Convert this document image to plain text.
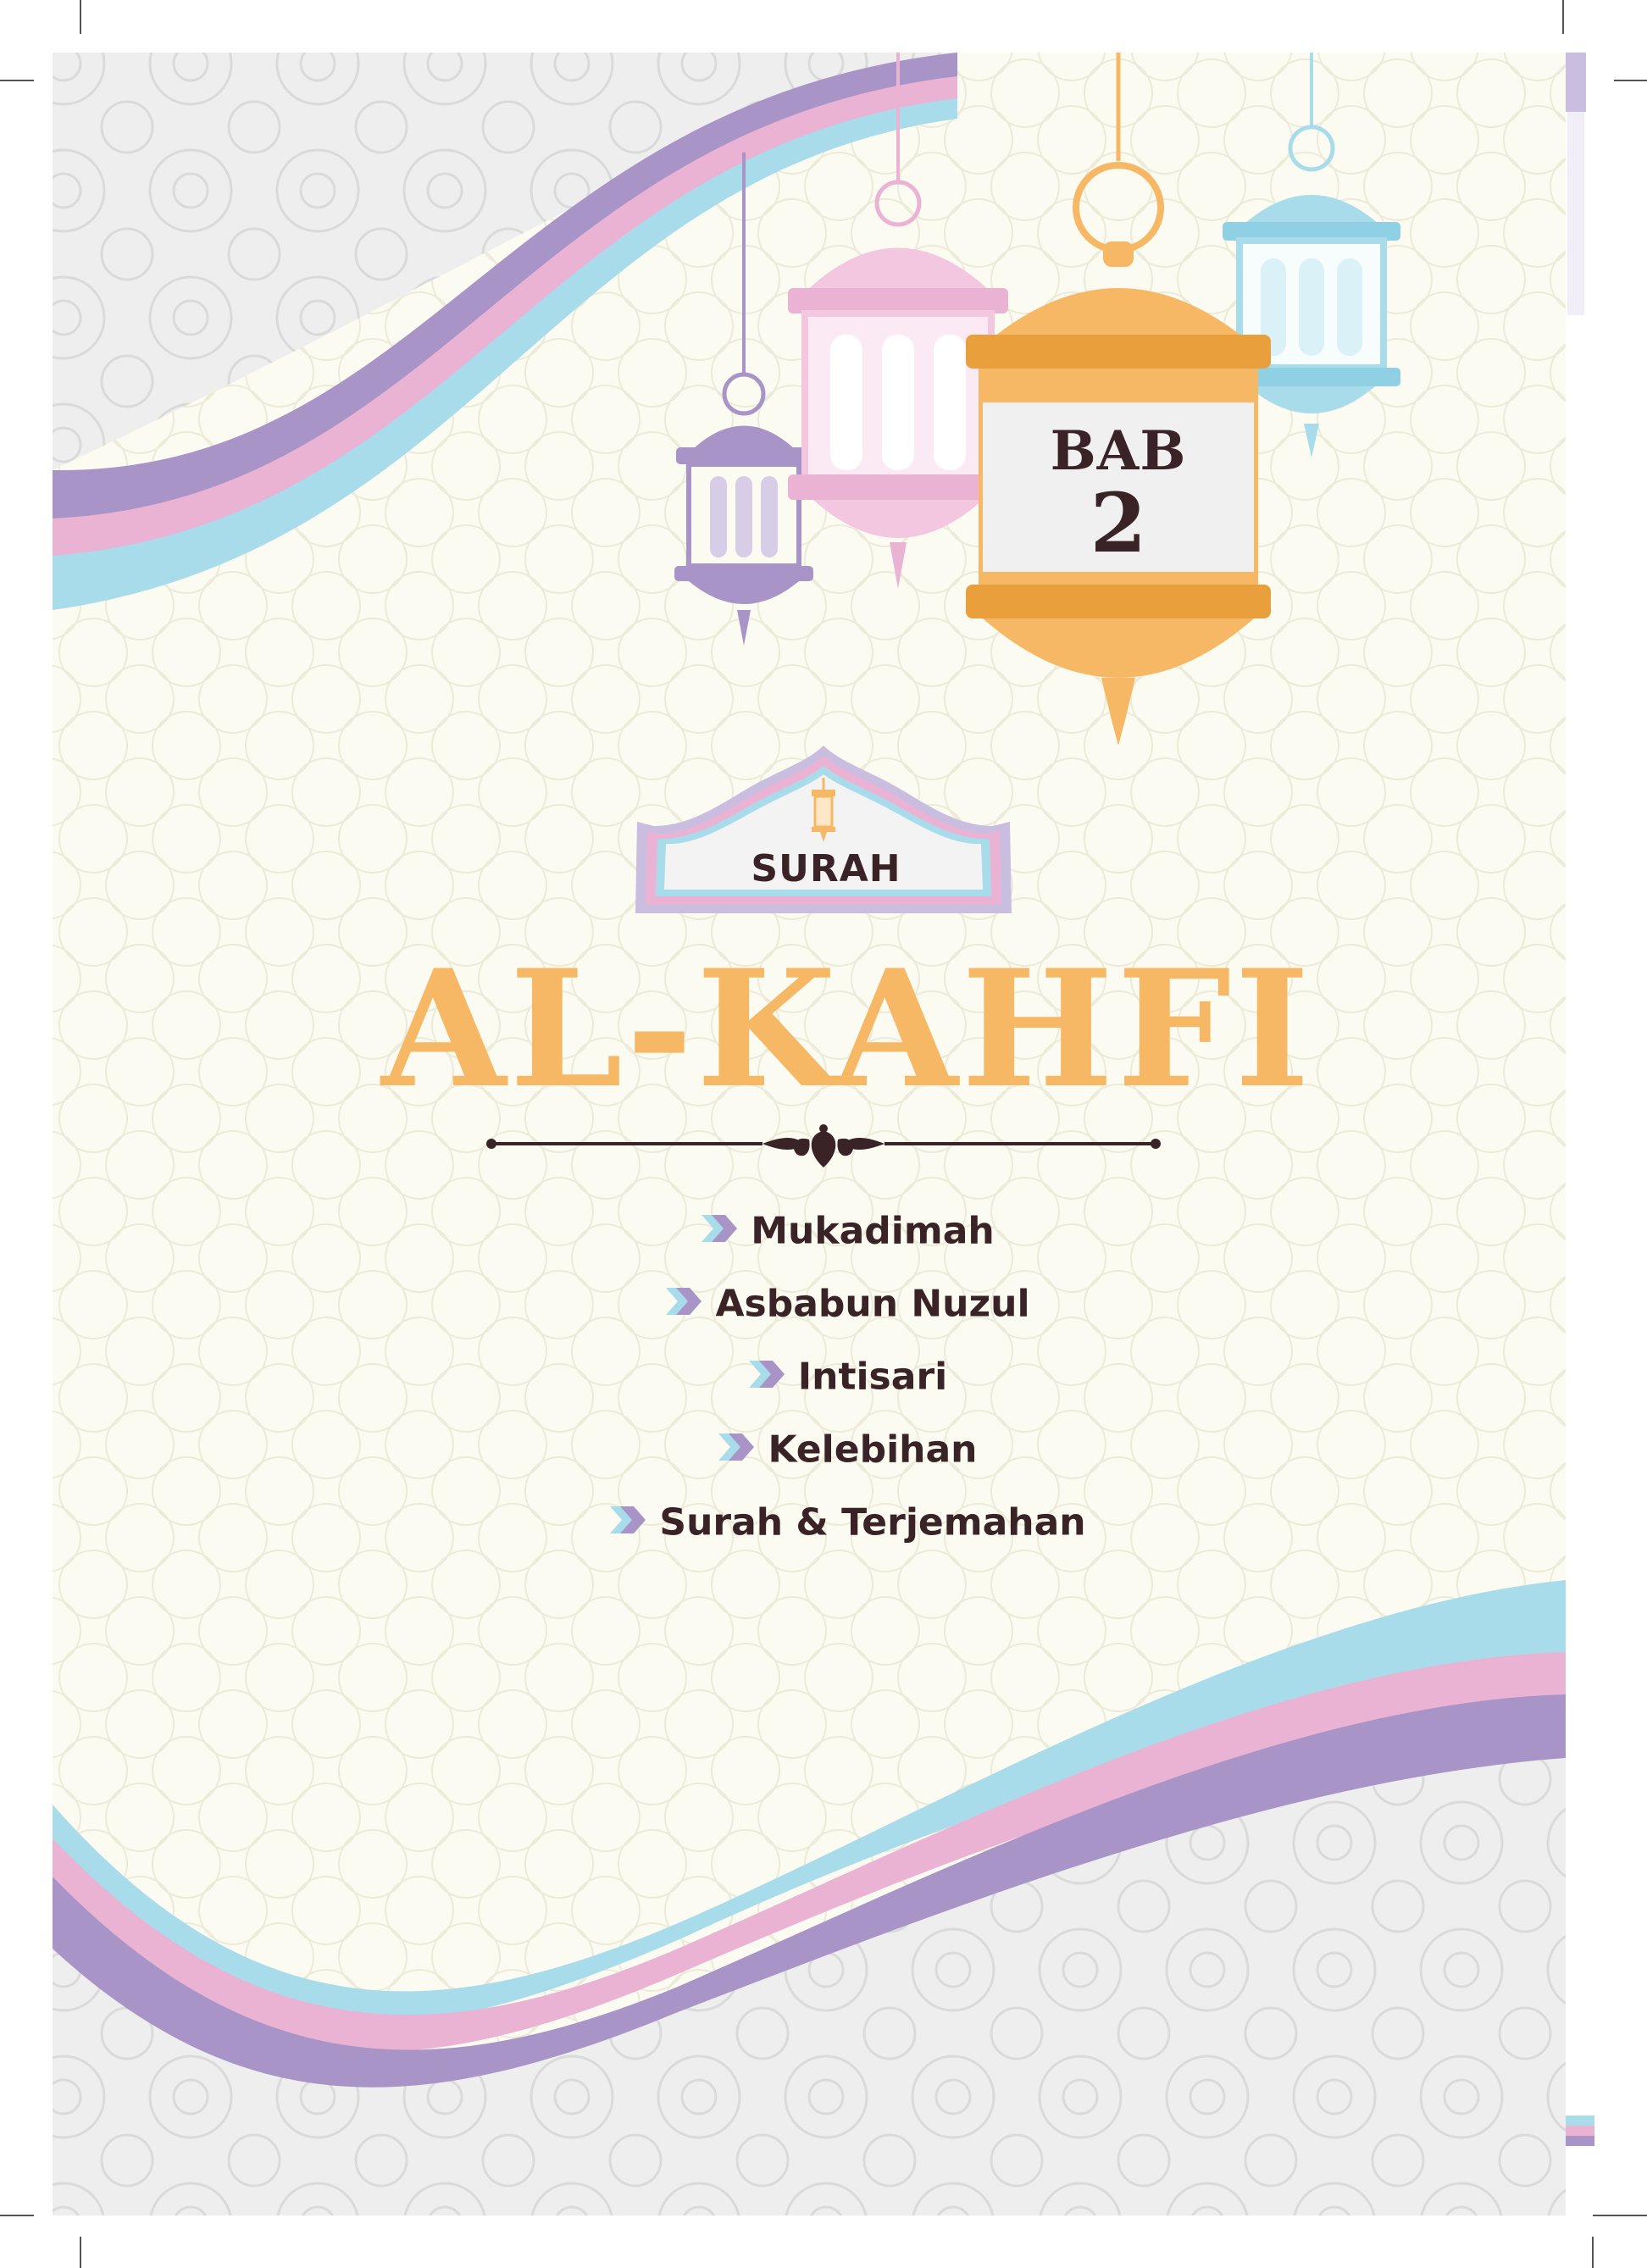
BAB
2
SURAH
AL-KAHFI
Mukadimah
Asbabun Nuzul
Intisari
Kelebihan
Surah & Terjemahan
